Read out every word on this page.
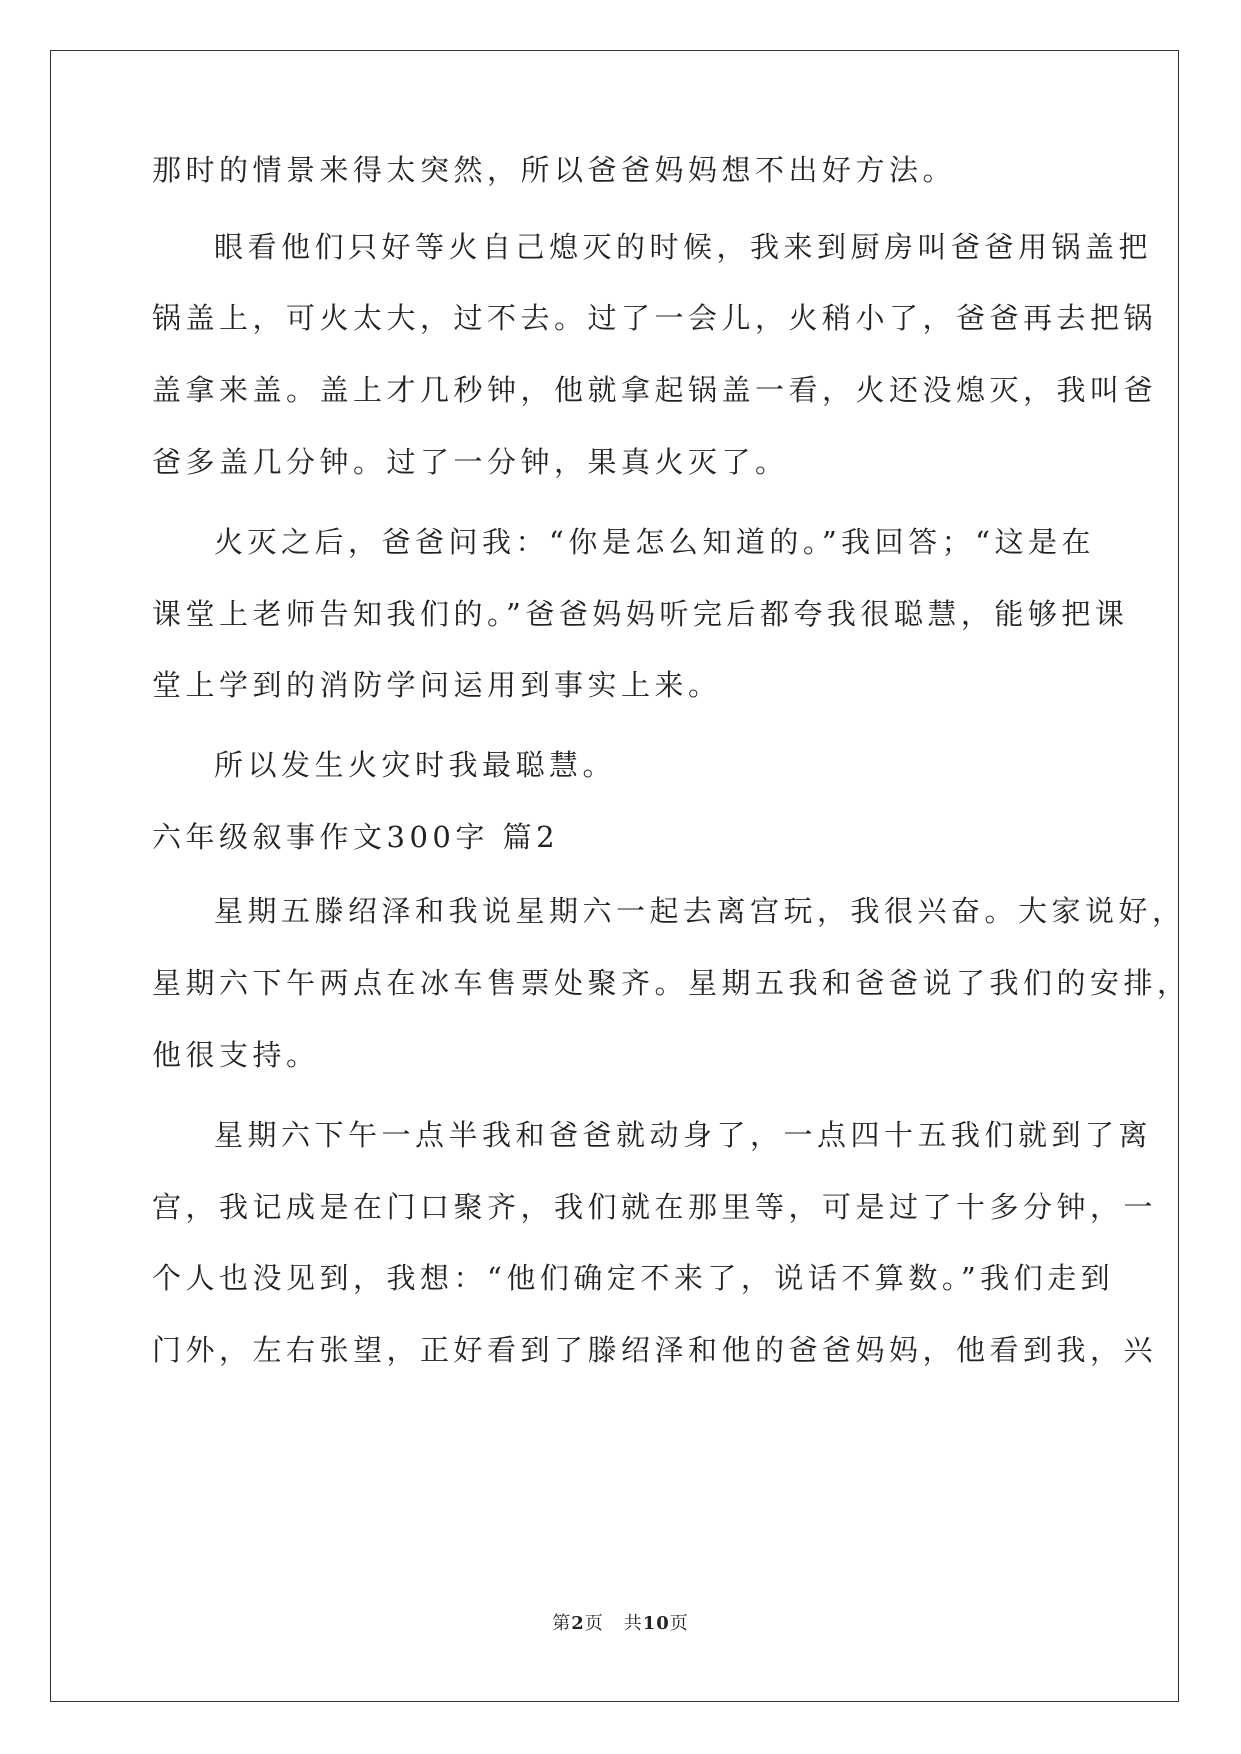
那时的情景来得太突然，所以爸爸妈妈想不出好方法。
眼看他们只好等火自己熄灭的时候，我来到厨房叫爸爸用锅盖把
锅盖上，可火太大，过不去。过了一会儿，火稍小了，爸爸再去把锅
盖拿来盖。盖上才几秒钟，他就拿起锅盖一看，火还没熄灭，我叫爸
爸多盖几分钟。过了一分钟，果真火灭了。
火灭之后，爸爸问我：“你是怎么知道的。”我回答；“这是在
课堂上老师告知我们的。”爸爸妈妈听完后都夸我很聪慧，能够把课
堂上学到的消防学问运用到事实上来。
所以发生火灾时我最聪慧。
六年级叙事作文300字 篇2
星期五滕绍泽和我说星期六一起去离宫玩，我很兴奋。大家说好，
星期六下午两点在冰车售票处聚齐。星期五我和爸爸说了我们的安排，
他很支持。
星期六下午一点半我和爸爸就动身了，一点四十五我们就到了离
宫，我记成是在门口聚齐，我们就在那里等，可是过了十多分钟，一
个人也没见到，我想：“他们确定不来了，说话不算数。”我们走到
门外，左右张望，正好看到了滕绍泽和他的爸爸妈妈，他看到我，兴
第2页 共10页
